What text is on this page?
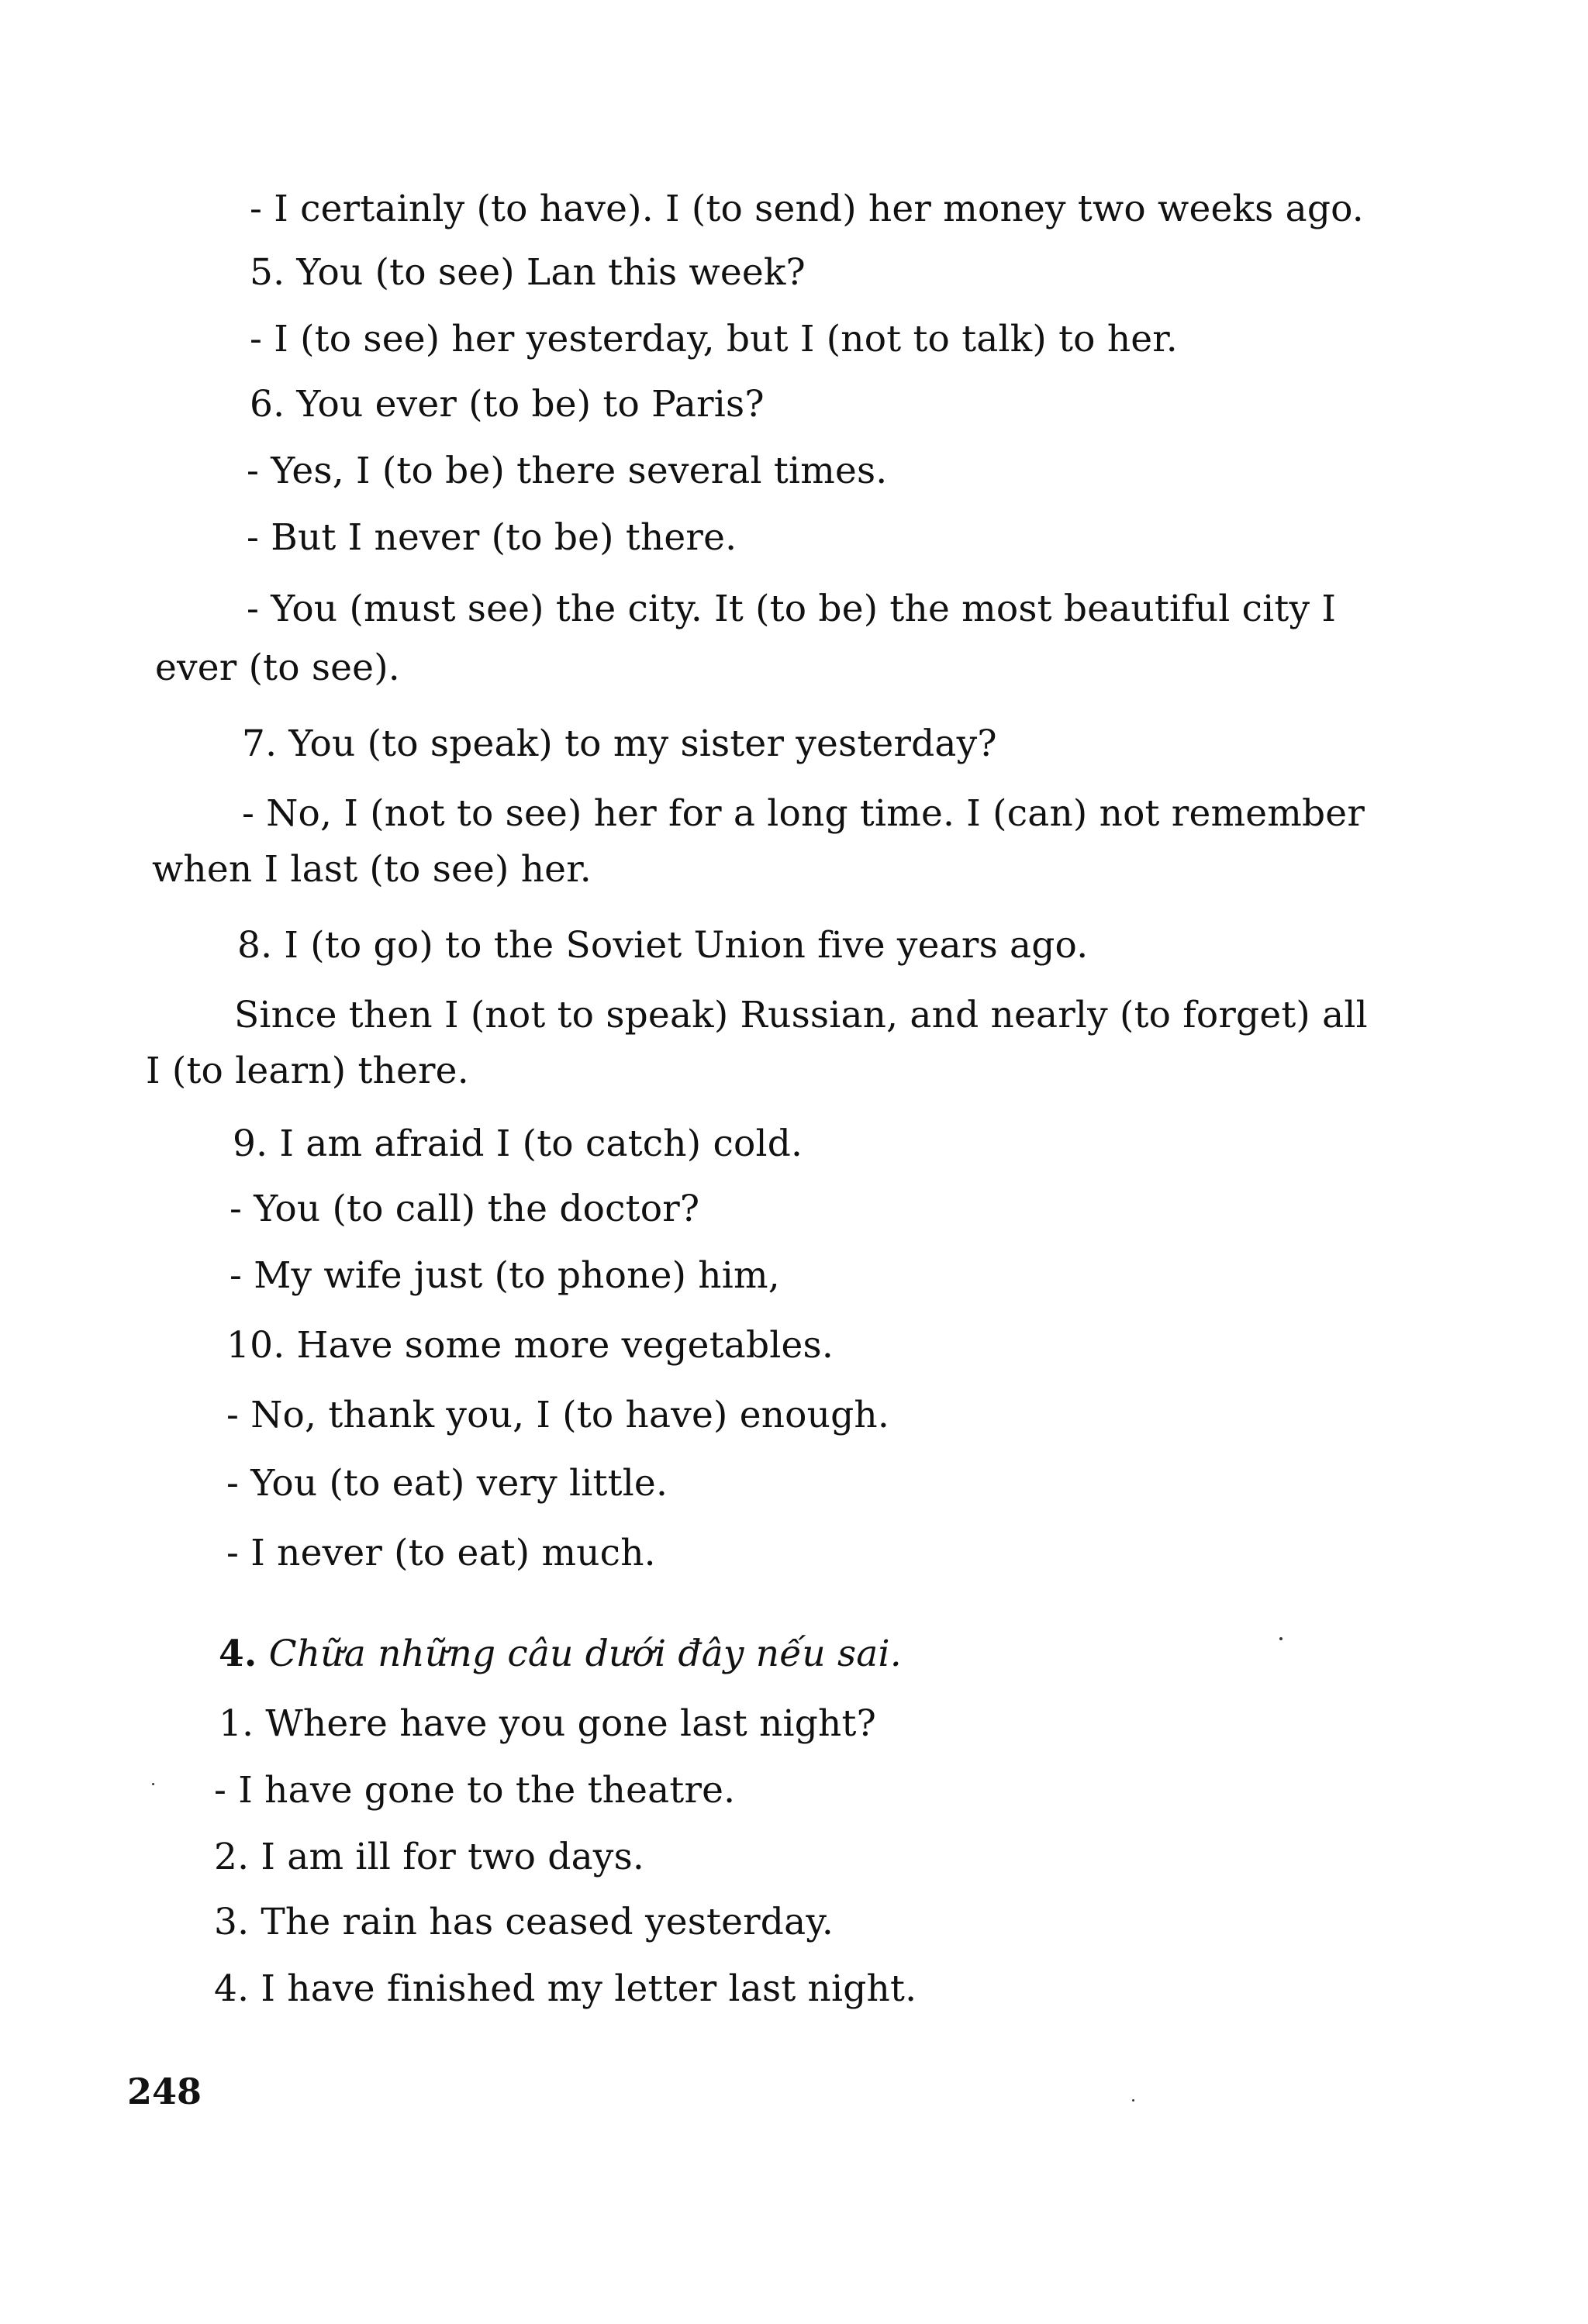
- I certainly (to have). I (to send) her money two weeks ago.
5. You (to see) Lan this week?
- I (to see) her yesterday, but I (not to talk) to her.
6. You ever (to be) to Paris?
- Yes, I (to be) there several times.
- But I never (to be) there.
- You (must see) the city. It (to be) the most beautiful city I
ever (to see).
7. You (to speak) to my sister yesterday?
- No, I (not to see) her for a long time. I (can) not remember
when I last (to see) her.
8. I (to go) to the Soviet Union five years ago.
Since then I (not to speak) Russian, and nearly (to forget) all
I (to learn) there.
9. I am afraid I (to catch) cold.
- You (to call) the doctor?
- My wife just (to phone) him,
10. Have some more vegetables.
- No, thank you, I (to have) enough.
- You (to eat) very little.
- I never (to eat) much.
4. Chữa những câu dưới đây nếu sai.
1. Where have you gone last night?
- I have gone to the theatre.
2. I am ill for two days.
3. The rain has ceased yesterday.
4. I have finished my letter last night.
248
